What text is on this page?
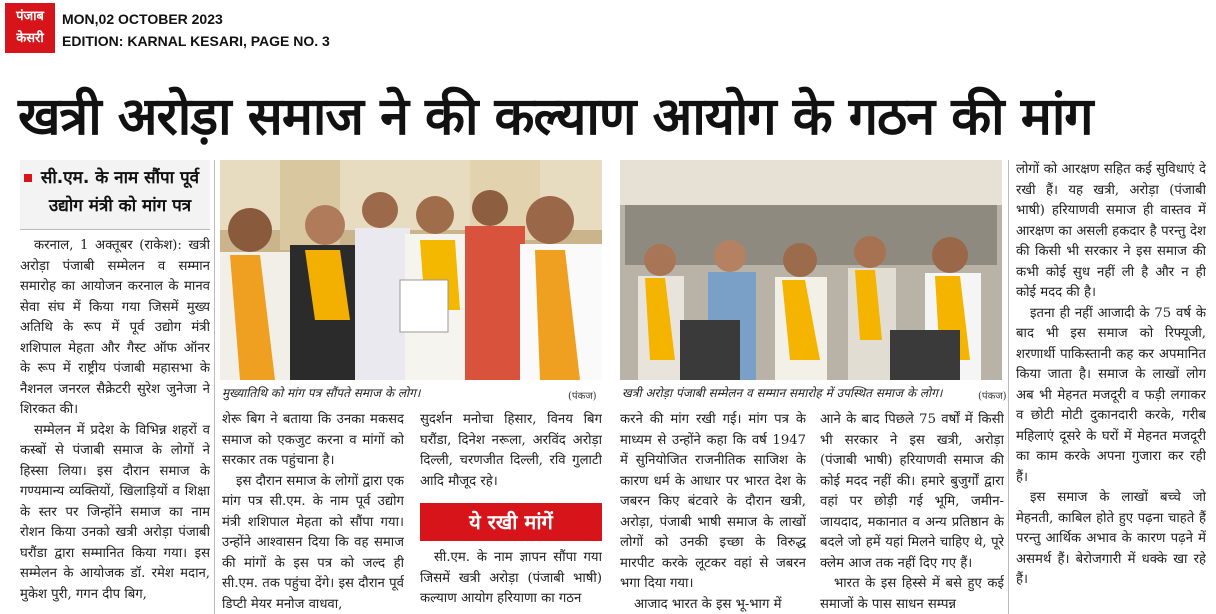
पंजाब
केसरी
MON,02 OCTOBER 2023
EDITION: KARNAL KESARI, PAGE NO. 3
खत्री अरोड़ा समाज ने की कल्याण आयोग के गठन की मांग
सी.एम. के नाम सौंपा पूर्व उद्योग मंत्री को मांग पत्र

करनाल, 1 अक्तूबर (राकेश): खत्री अरोड़ा पंजाबी सम्मेलन व सम्मान समारोह का आयोजन करनाल के मानव सेवा संघ में किया गया जिसमें मुख्य अतिथि के रूप में पूर्व उद्योग मंत्री शशिपाल मेहता और गैस्ट ऑफ ऑनर के रूप में राष्ट्रीय पंजाबी महासभा के नैशनल जनरल सैक्रेटरी सुरेश जुनेजा ने शिरकत की।

सम्मेलन में प्रदेश के विभिन्न शहरों व कस्बों से पंजाबी समाज के लोगों ने हिस्सा लिया। इस दौरान समाज के गण्यमान्य व्यक्तियों, खिलाड़ियों व शिक्षा के स्तर पर जिन्होंने समाज का नाम रोशन किया उनको खत्री अरोड़ा पंजाबी घरौंडा द्वारा सम्मानित किया गया। इस सम्मेलन के आयोजक डॉ. रमेश मदान, मुकेश पुरी, गगन दीप बिग,

मुख्यातिथि को मांग पत्र सौंपते समाज के लोग।	(पंकज) खत्री अरोड़ा पंजाबी सम्मेलन व सम्मान समारोह में उपस्थित समाज के लोग।	(पंकज)

शेरू बिग ने बताया कि उनका मकसद समाज को एकजुट करना व मांगों को सरकार तक पहुंचाना है।

इस दौरान समाज के लोगों द्वारा एक मांग पत्र सी.एम. के नाम पूर्व उद्योग मंत्री शशिपाल मेहता को सौंपा गया। उन्होंने आश्वासन दिया कि वह समाज की मांगों के इस पत्र को जल्द ही सी.एम. तक पहुंचा देंगे। इस दौरान पूर्व डिप्टी मेयर मनोज वाधवा,

सुदर्शन मनोचा हिसार, विनय बिग घरौंडा, दिनेश नरूला, अरविंद अरोड़ा दिल्ली, चरणजीत दिल्ली, रवि गुलाटी आदि मौजूद रहे।

ये रखी मांगें

सी.एम. के नाम ज्ञापन सौंपा गया जिसमें खत्री अरोड़ा (पंजाबी भाषी) कल्याण आयोग हरियाणा का गठन

करने की मांग रखी गई। मांग पत्र के माध्यम से उन्होंने कहा कि वर्ष 1947 में सुनियोजित राजनीतिक साजिश के कारण धर्म के आधार पर भारत देश के जबरन किए बंटवारे के दौरान खत्री, अरोड़ा, पंजाबी भाषी समाज के लाखों लोगों को उनकी इच्छा के विरुद्ध मारपीट करके लूटकर वहां से जबरन भगा दिया गया।

आजाद भारत के इस भू-भाग में

आने के बाद पिछले 75 वर्षों में किसी भी सरकार ने इस खत्री, अरोड़ा (पंजाबी भाषी) हरियाणवी समाज की कोई मदद नहीं की। हमारे बुजुर्गों द्वारा वहां पर छोड़ी गई भूमि, जमीन-जायदाद, मकानात व अन्य प्रतिष्ठान के बदले जो हमें यहां मिलने चाहिए थे, पूरे क्लेम आज तक नहीं दिए गए हैं।

भारत के इस हिस्से में बसे हुए कई समाजों के पास साधन सम्पन्न

लोगों को आरक्षण सहित कई सुविधाएं दे रखी हैं। यह खत्री, अरोड़ा (पंजाबी भाषी) हरियाणवी समाज ही वास्तव में आरक्षण का असली हकदार है परन्तु देश की किसी भी सरकार ने इस समाज की कभी कोई सुध नहीं ली है और न ही कोई मदद की है।

इतना ही नहीं आजादी के 75 वर्ष के बाद भी इस समाज को रिफ्यूजी, शरणार्थी पाकिस्तानी कह कर अपमानित किया जाता है। समाज के लाखों लोग अब भी मेहनत मजदूरी व फड़ी लगाकर व छोटी मोटी दुकानदारी करके, गरीब महिलाएं दूसरे के घरों में मेहनत मजदूरी का काम करके अपना गुजारा कर रही हैं।

इस समाज के लाखों बच्चे जो मेहनती, काबिल होते हुए पढ़ना चाहते हैं परन्तु आर्थिक अभाव के कारण पढ़ने में असमर्थ हैं। बेरोजगारी में धक्के खा रहे हैं।
